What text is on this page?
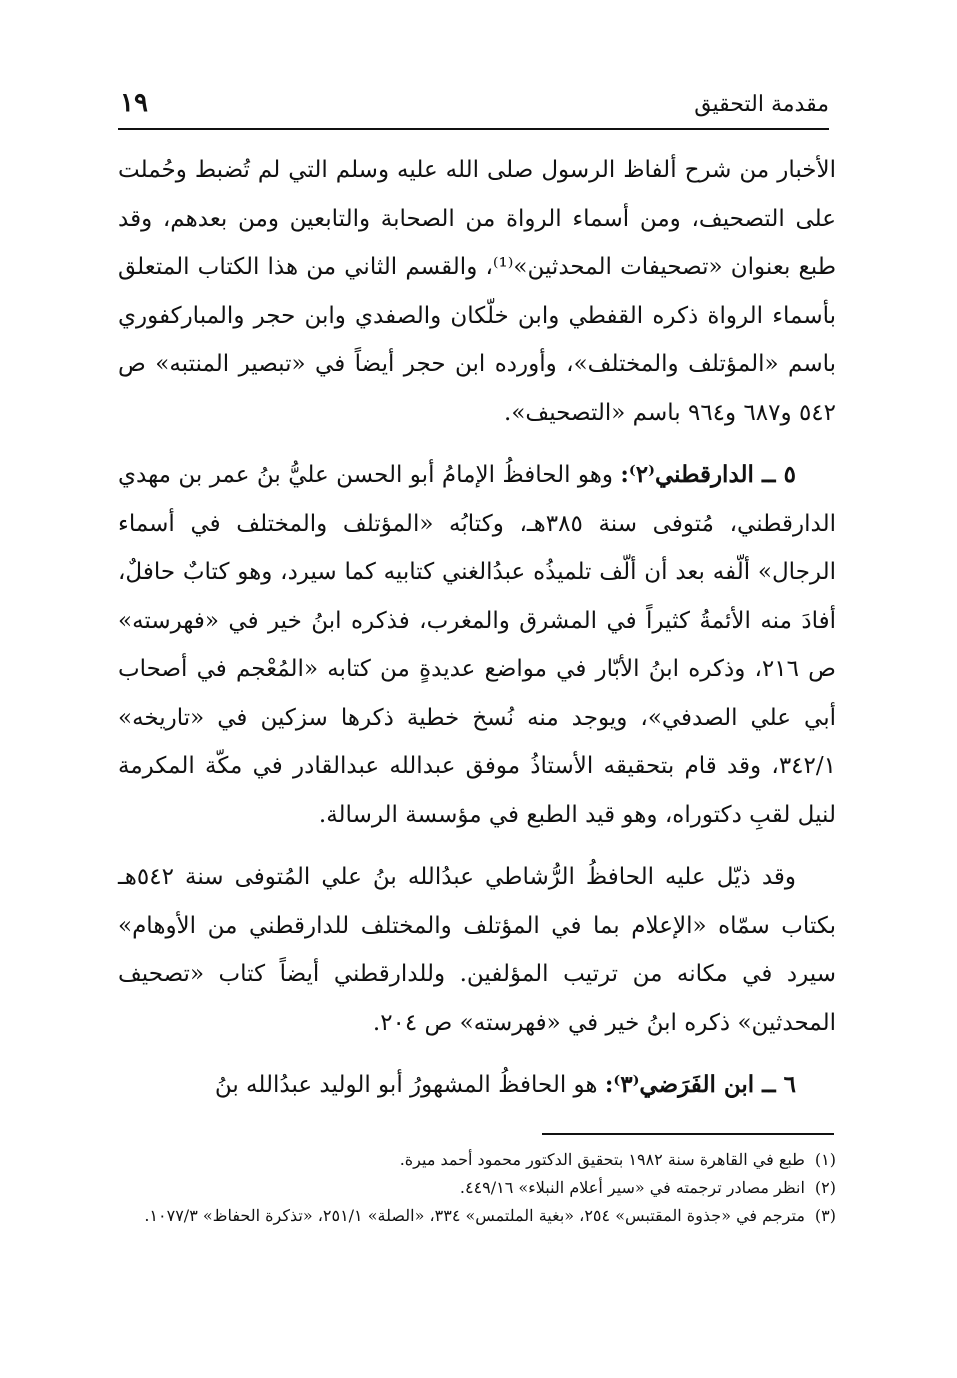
مقدمة التحقيق
١٩

الأخبار من شرح ألفاظ الرسول صلى الله عليه وسلم التي لم تُضبط وحُملت على التصحيف، ومن أسماء الرواة من الصحابة والتابعين ومن بعدهم، وقد طبع بعنوان «تصحيفات المحدثين»⁽¹⁾، والقسم الثاني من هذا الكتاب المتعلق بأسماء الرواة ذكره القفطي وابن خلّكان والصفدي وابن حجر والمباركفوري باسم «المؤتلف والمختلف»، وأورده ابن حجر أيضاً في «تبصير المنتبه» ص ٥٤٢ و٦٨٧ و٩٦٤ باسم «التصحيف».

٥ ــ الدارقطني⁽٢⁾: وهو الحافظُ الإمامُ أبو الحسن عليُّ بنُ عمر بن مهدي الدارقطني، مُتوفى سنة ٣٨٥هـ، وكتابُه «المؤتلف والمختلف في أسماء الرجال» ألّفه بعد أن ألّف تلميذُه عبدُالغني كتابيه كما سيرد، وهو كتابٌ حافلٌ، أفادَ منه الأئمةُ كثيراً في المشرق والمغرب، فذكره ابنُ خير في «فهرسته» ص ٢١٦، وذكره ابنُ الأبّار في مواضع عديدةٍ من كتابه «المُعْجم في أصحاب أبي علي الصدفي»، ويوجد منه نُسخ خطية ذكرها سزكين في «تاريخه» ٣٤٢/١، وقد قام بتحقيقه الأستاذُ موفق عبدالله عبدالقادر في مكّة المكرمة لنيل لقبِ دكتوراه، وهو قيد الطبع في مؤسسة الرسالة.

وقد ذيّل عليه الحافظُ الرُّشاطي عبدُالله بنُ علي المُتوفى سنة ٥٤٢هـ بكتاب سمّاه «الإعلام بما في المؤتلف والمختلف للدارقطني من الأوهام» سيرد في مكانه من ترتيب المؤلفين. وللدارقطني أيضاً كتاب «تصحيف المحدثين» ذكره ابنُ خير في «فهرسته» ص ٢٠٤.

٦ ــ ابن الفَرَضي⁽٣⁾: هو الحافظُ المشهورُ أبو الوليد عبدُالله بنُ

(١)طبع في القاهرة سنة ١٩٨٢ بتحقيق الدكتور محمود أحمد ميرة.

(٢)انظر مصادر ترجمته في «سير أعلام النبلاء» ٤٤٩/١٦.

(٣)مترجم في «جذوة المقتبس» ٢٥٤، «بغية الملتمس» ٣٣٤، «الصلة» ٢٥١/١، «تذكرة الحفاظ» ١٠٧٧/٣.
